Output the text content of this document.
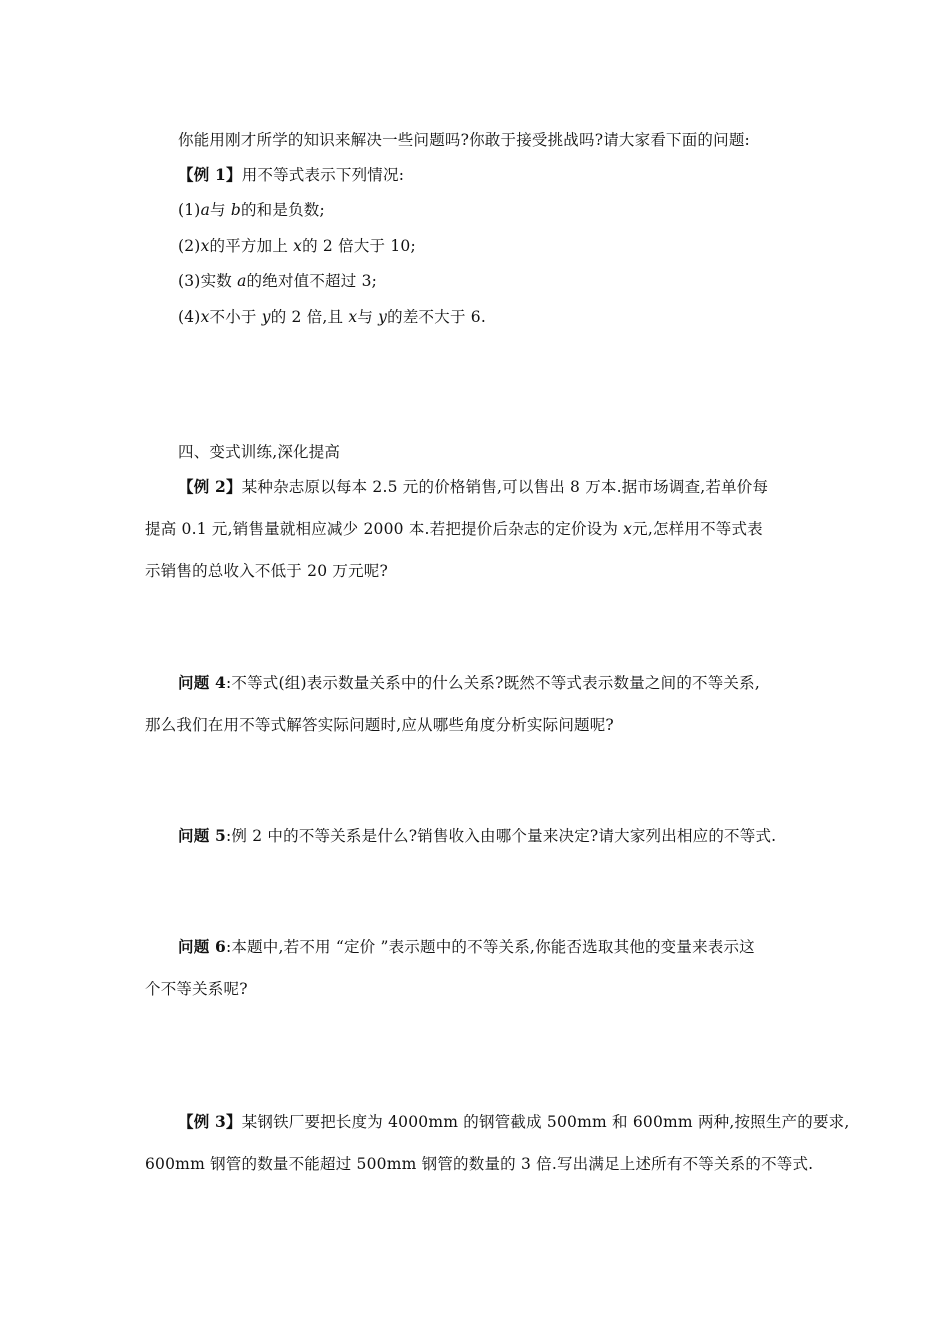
你能用刚才所学的知识来解决一些问题吗?你敢于接受挑战吗?请大家看下面的问题:
【例 1】用不等式表示下列情况:
(1)a与 b的和是负数;
(2)x的平方加上 x的 2 倍大于 10;
(3)实数 a的绝对值不超过 3;
(4)x不小于 y的 2 倍,且 x与 y的差不大于 6.
四、变式训练,深化提高
【例 2】某种杂志原以每本 2.5 元的价格销售,可以售出 8 万本.据市场调查,若单价每
提高 0.1 元,销售量就相应减少 2000 本.若把提价后杂志的定价设为 x元,怎样用不等式表
示销售的总收入不低于 20 万元呢?
问题 4:不等式(组)表示数量关系中的什么关系?既然不等式表示数量之间的不等关系,
那么我们在用不等式解答实际问题时,应从哪些角度分析实际问题呢?
问题 5:例 2 中的不等关系是什么?销售收入由哪个量来决定?请大家列出相应的不等式.
问题 6:本题中,若不用 “定价 ”表示题中的不等关系,你能否选取其他的变量来表示这
个不等关系呢?
【例 3】某钢铁厂要把长度为 4000mm 的钢管截成 500mm 和 600mm 两种,按照生产的要求,
600mm 钢管的数量不能超过 500mm 钢管的数量的 3 倍.写出满足上述所有不等关系的不等式.
